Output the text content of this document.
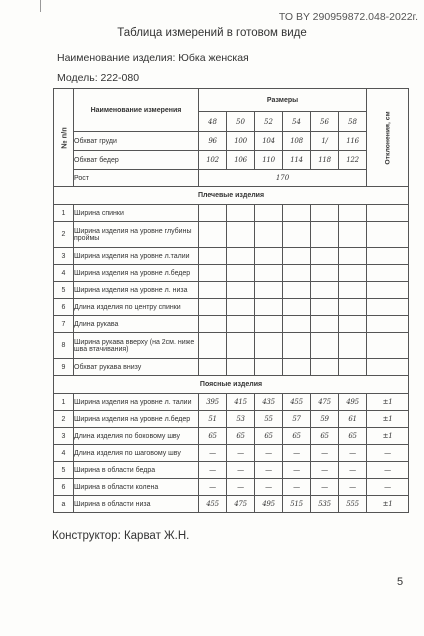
ТО BY 290959872.048-2022г.
Таблица измерений в готовом виде
Наименование изделия: Юбка женская
Модель: 222-080
№ п/п	Наименование измерения	Размеры						Отклонения, см

		48	50	52	54	56	58	
	Обхват груди	96	100	104	108	1/	116	
	Обхват бедер	102	106	110	114	118	122	
	Рост	170						
Плечевые изделия								
1	Ширина спинки							
2	Ширина изделия на уровне глубины проймы							
3	Ширина изделия на уровне л.талии							
4	Ширина изделия на уровне л.бедер							
5	Ширина изделия на уровне л. низа							
6	Длина изделия по центру спинки							
7	Длина рукава							
8	Ширина рукава вверху (на 2см. ниже шва втачивания)							
9	Обхват рукава внизу							
Поясные изделия								
1	Ширина изделия на уровне л. талии	395	415	435	455	475	495	±1
2	Ширина изделия на уровне л.бедер	51	53	55	57	59	61	±1
3	Длина изделия по боковому шву	65	65	65	65	65	65	±1
4	Длина изделия по шаговому шву	—	—	—	—	—	—	—
5	Ширина в области бедра	—	—	—	—	—	—	—
6	Ширина в области колена	—	—	—	—	—	—	—
a	Ширина в области низа	455	475	495	515	535	555	±1
Конструктор: Карват Ж.Н.
5
